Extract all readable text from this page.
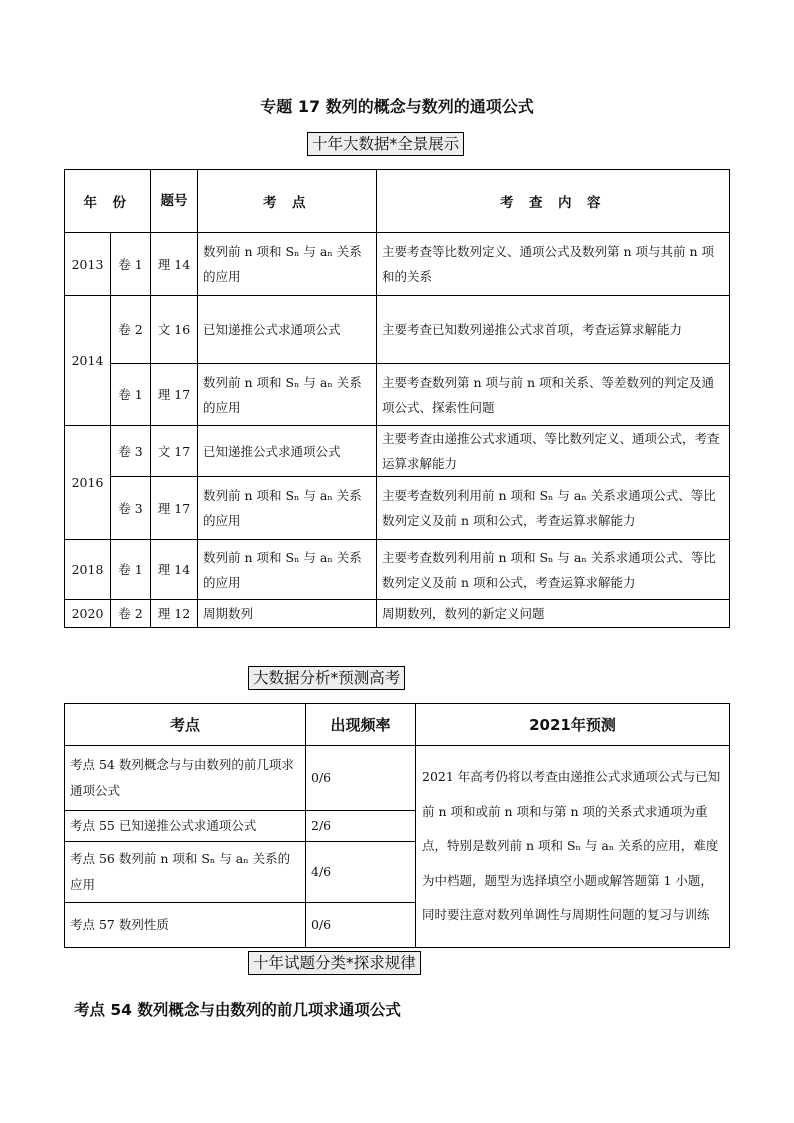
专题 17 数列的概念与数列的通项公式
十年大数据*全景展示
年 份		题号	考 点	考 查 内 容
2013	卷 1	理 14	数列前 n 项和 Sₙ 与 aₙ 关系的应用	主要考查等比数列定义、通项公式及数列第 n 项与其前 n 项和的关系
2014	卷 2	文 16	已知递推公式求通项公式	主要考查已知数列递推公式求首项，考查运算求解能力
	卷 1	理 17	数列前 n 项和 Sₙ 与 aₙ 关系的应用	主要考查数列第 n 项与前 n 项和关系、等差数列的判定及通项公式、探索性问题
2016	卷 3	文 17	已知递推公式求通项公式	主要考查由递推公式求通项、等比数列定义、通项公式，考查运算求解能力
	卷 3	理 17	数列前 n 项和 Sₙ 与 aₙ 关系的应用	主要考查数列利用前 n 项和 Sₙ 与 aₙ 关系求通项公式、等比数列定义及前 n 项和公式，考查运算求解能力
2018	卷 1	理 14	数列前 n 项和 Sₙ 与 aₙ 关系的应用	主要考查数列利用前 n 项和 Sₙ 与 aₙ 关系求通项公式、等比数列定义及前 n 项和公式，考查运算求解能力
2020	卷 2	理 12	周期数列	周期数列，数列的新定义问题
大数据分析*预测高考
考点	出现频率	2021年预测
考点 54 数列概念与与由数列的前几项求通项公式	0/6	2021 年高考仍将以考查由递推公式求通项公式与已知前 n 项和或前 n 项和与第 n 项的关系式求通项为重点，特别是数列前 n 项和 Sₙ 与 aₙ 关系的应用，难度为中档题，题型为选择填空小题或解答题第 1 小题，同时要注意对数列单调性与周期性问题的复习与训练
考点 55 已知递推公式求通项公式	2/6	
考点 56 数列前 n 项和 Sₙ 与 aₙ 关系的应用	4/6	
考点 57 数列性质	0/6	
十年试题分类*探求规律
考点 54 数列概念与由数列的前几项求通项公式
